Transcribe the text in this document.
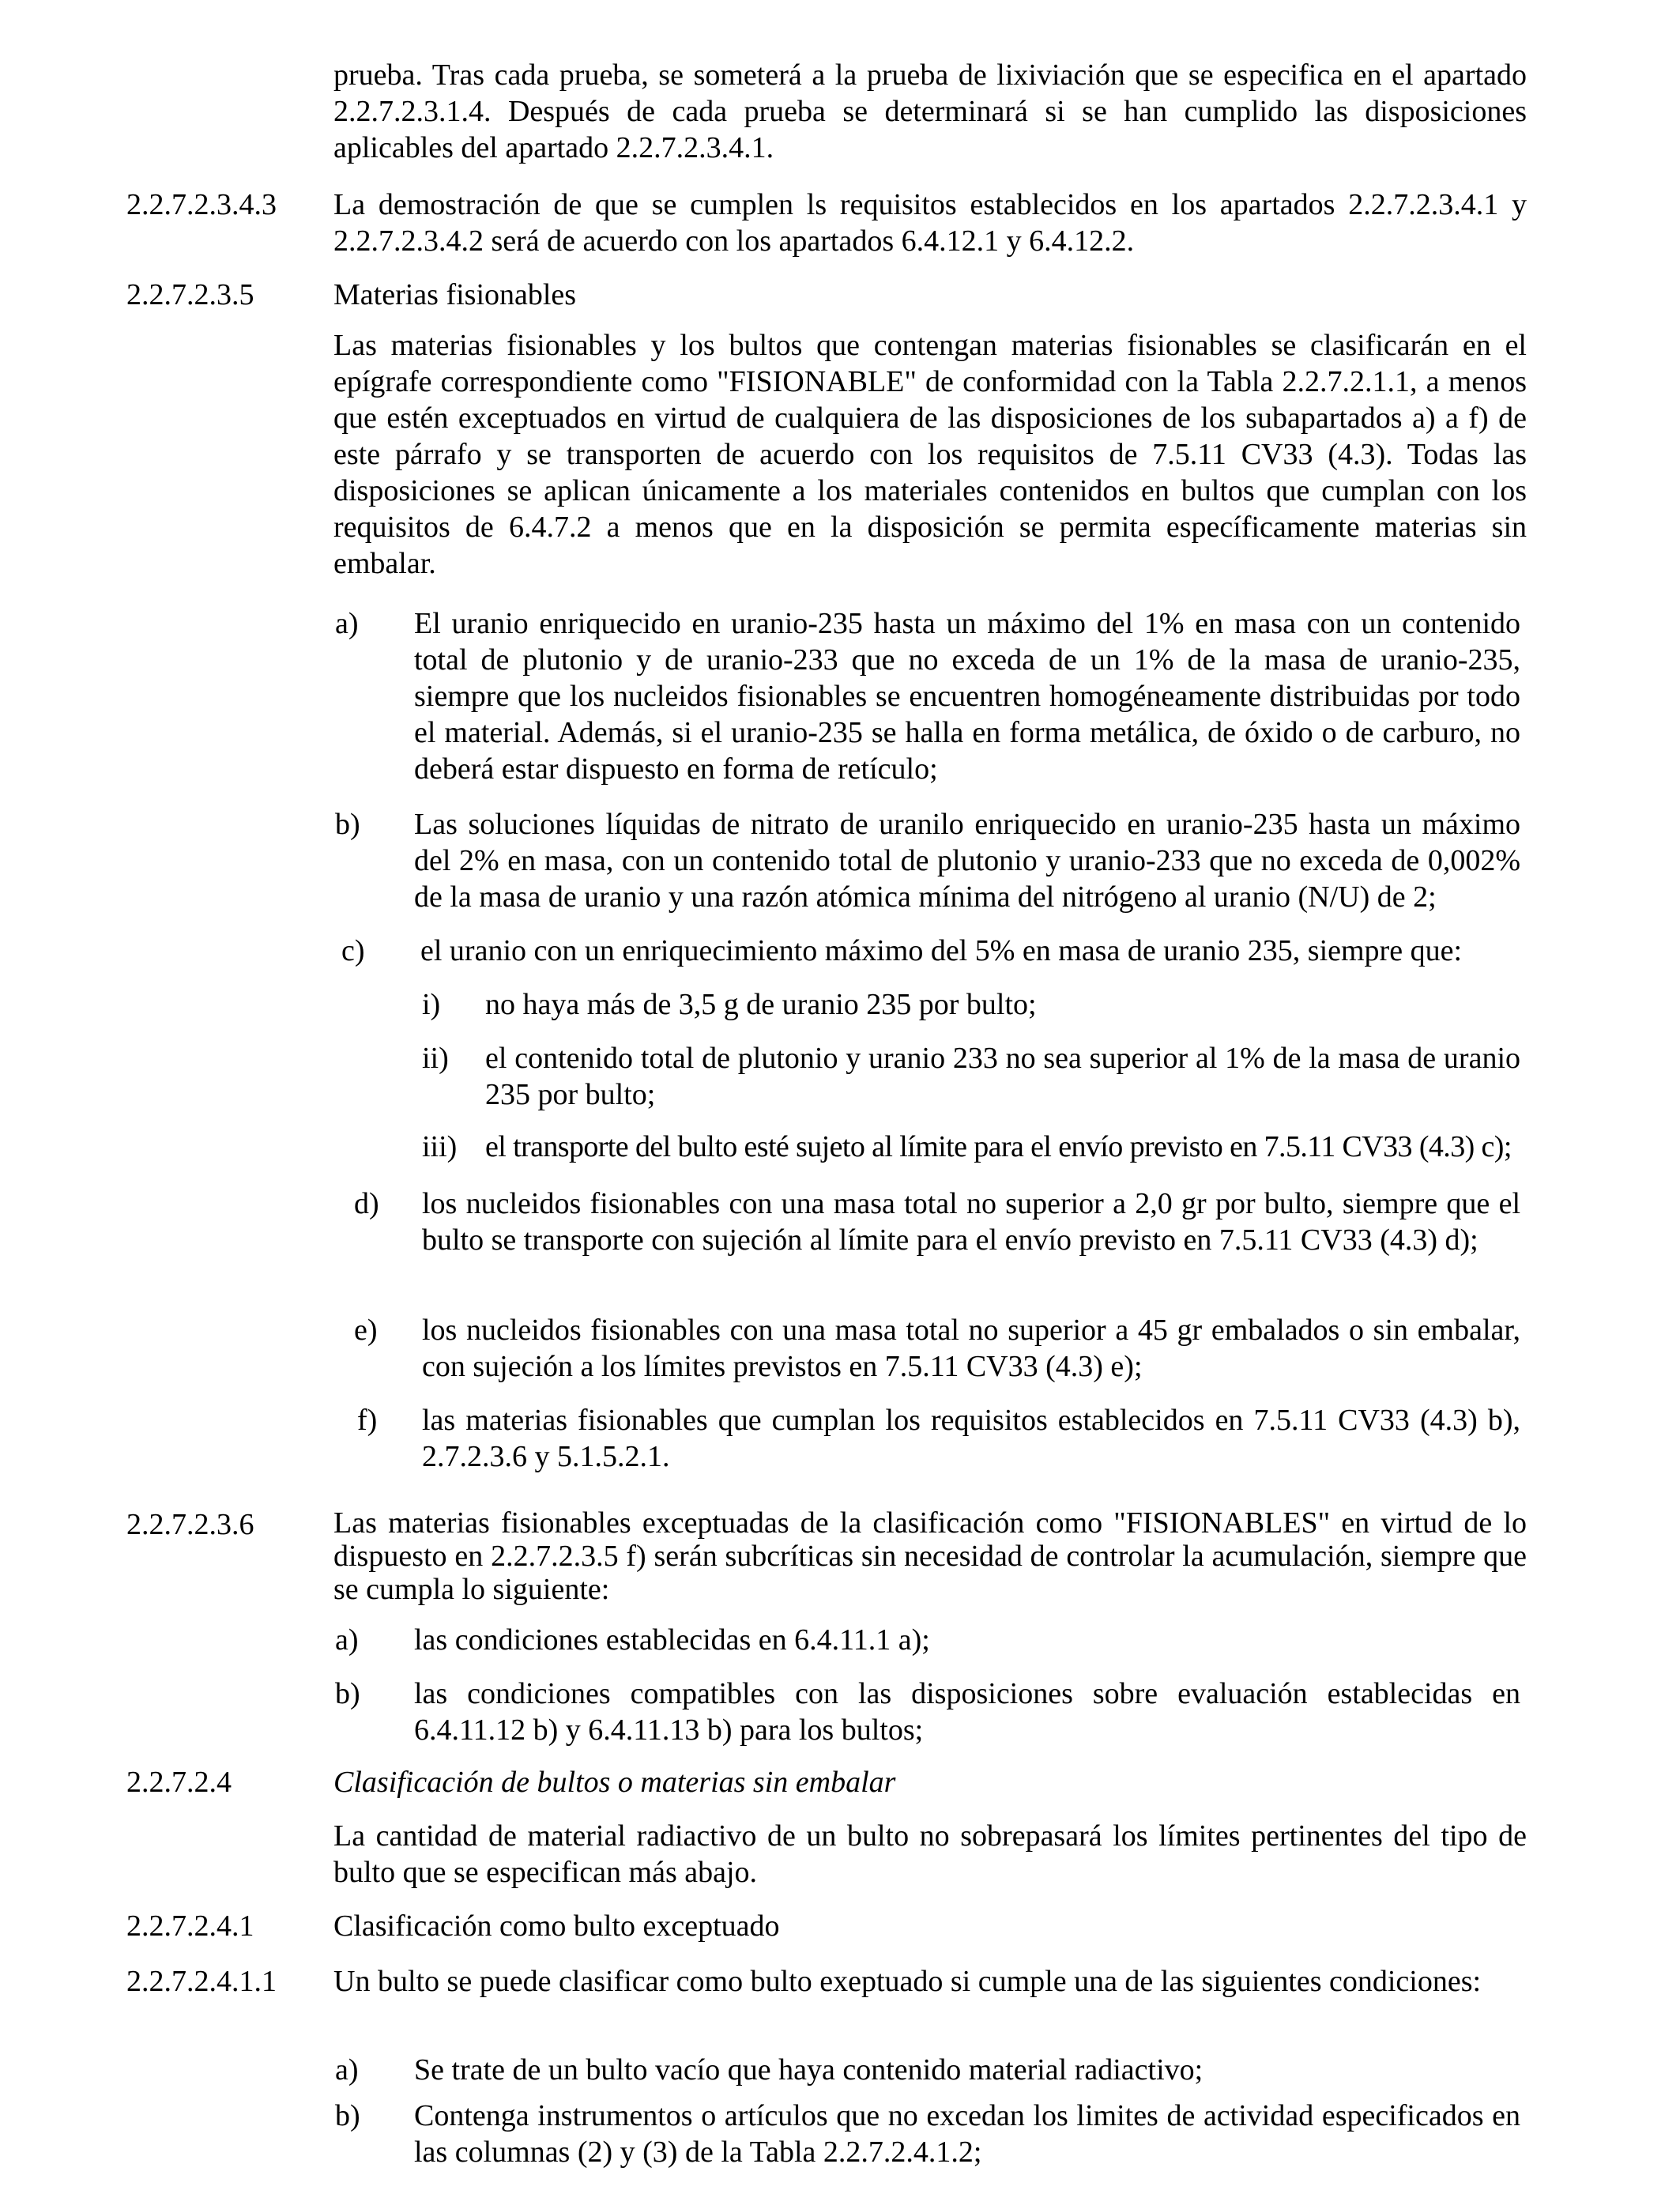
prueba. Tras cada prueba, se someterá a la prueba de lixiviación que se especifica en el apartado 2.2.7.2.3.1.4. Después de cada prueba se determinará si se han cumplido las disposiciones aplicables del apartado 2.2.7.2.3.4.1.

2.2.7.2.3.4.3 La demostración de que se cumplen ls requisitos establecidos en los apartados 2.2.7.2.3.4.1 y 2.2.7.2.3.4.2 será de acuerdo con los apartados 6.4.12.1 y 6.4.12.2.

2.2.7.2.3.5	Materias fisionables

Las materias fisionables y los bultos que contengan materias fisionables se clasificarán en el epígrafe correspondiente como "FISIONABLE" de conformidad con la Tabla 2.2.7.2.1.1, a menos que estén exceptuados en virtud de cualquiera de las disposiciones de los subapartados a) a f) de este párrafo y se transporten de acuerdo con los requisitos de 7.5.11 CV33 (4.3). Todas las disposiciones se aplican únicamente a los materiales contenidos en bultos que cumplan con los requisitos de 6.4.7.2 a menos que en la disposición se permita específicamente materias sin embalar.

a) El uranio enriquecido en uranio-235 hasta un máximo del 1% en masa con un contenido total de plutonio y de uranio-233 que no exceda de un 1% de la masa de uranio-235, siempre que los nucleidos fisionables se encuentren homogéneamente distribuidas por todo el material. Además, si el uranio-235 se halla en forma metálica, de óxido o de carburo, no deberá estar dispuesto en forma de retículo;

b) Las soluciones líquidas de nitrato de uranilo enriquecido en uranio-235 hasta un máximo del 2% en masa, con un contenido total de plutonio y uranio-233 que no exceda de 0,002% de la masa de uranio y una razón atómica mínima del nitrógeno al uranio (N/U) de 2;

c) el uranio con un enriquecimiento máximo del 5% en masa de uranio 235, siempre que:

i) no haya más de 3,5 g de uranio 235 por bulto;

ii) el contenido total de plutonio y uranio 233 no sea superior al 1% de la masa de uranio 235 por bulto;

iii) el transporte del bulto esté sujeto al límite para el envío previsto en 7.5.11 CV33 (4.3) c);

d) los nucleidos fisionables con una masa total no superior a 2,0 gr por bulto, siempre que el bulto se transporte con sujeción al límite para el envío previsto en 7.5.11 CV33 (4.3) d);

e) los nucleidos fisionables con una masa total no superior a 45 gr embalados o sin embalar, con sujeción a los límites previstos en 7.5.11 CV33 (4.3) e);

f) las materias fisionables que cumplan los requisitos establecidos en 7.5.11 CV33 (4.3) b), 2.7.2.3.6 y 5.1.5.2.1.

2.2.7.2.3.6	Las materias fisionables exceptuadas de la clasificación como "FISIONABLES" en virtud de lo dispuesto en 2.2.7.2.3.5 f) serán subcríticas sin necesidad de controlar la acumulación, siempre que se cumpla lo siguiente:

a) las condiciones establecidas en 6.4.11.1 a);

b) las condiciones compatibles con las disposiciones sobre evaluación establecidas en 6.4.11.12 b) y 6.4.11.13 b) para los bultos;

2.2.7.2.4	Clasificación de bultos o materias sin embalar

La cantidad de material radiactivo de un bulto no sobrepasará los límites pertinentes del tipo de bulto que se especifican más abajo.

2.2.7.2.4.1	Clasificación como bulto exceptuado
2.2.7.2.4.1.1 Un bulto se puede clasificar como bulto exeptuado si cumple una de las siguientes condiciones:

a) Se trate de un bulto vacío que haya contenido material radiactivo;

b) Contenga instrumentos o artículos que no excedan los limites de actividad especificados en las columnas (2) y (3) de la Tabla 2.2.7.2.4.1.2;
